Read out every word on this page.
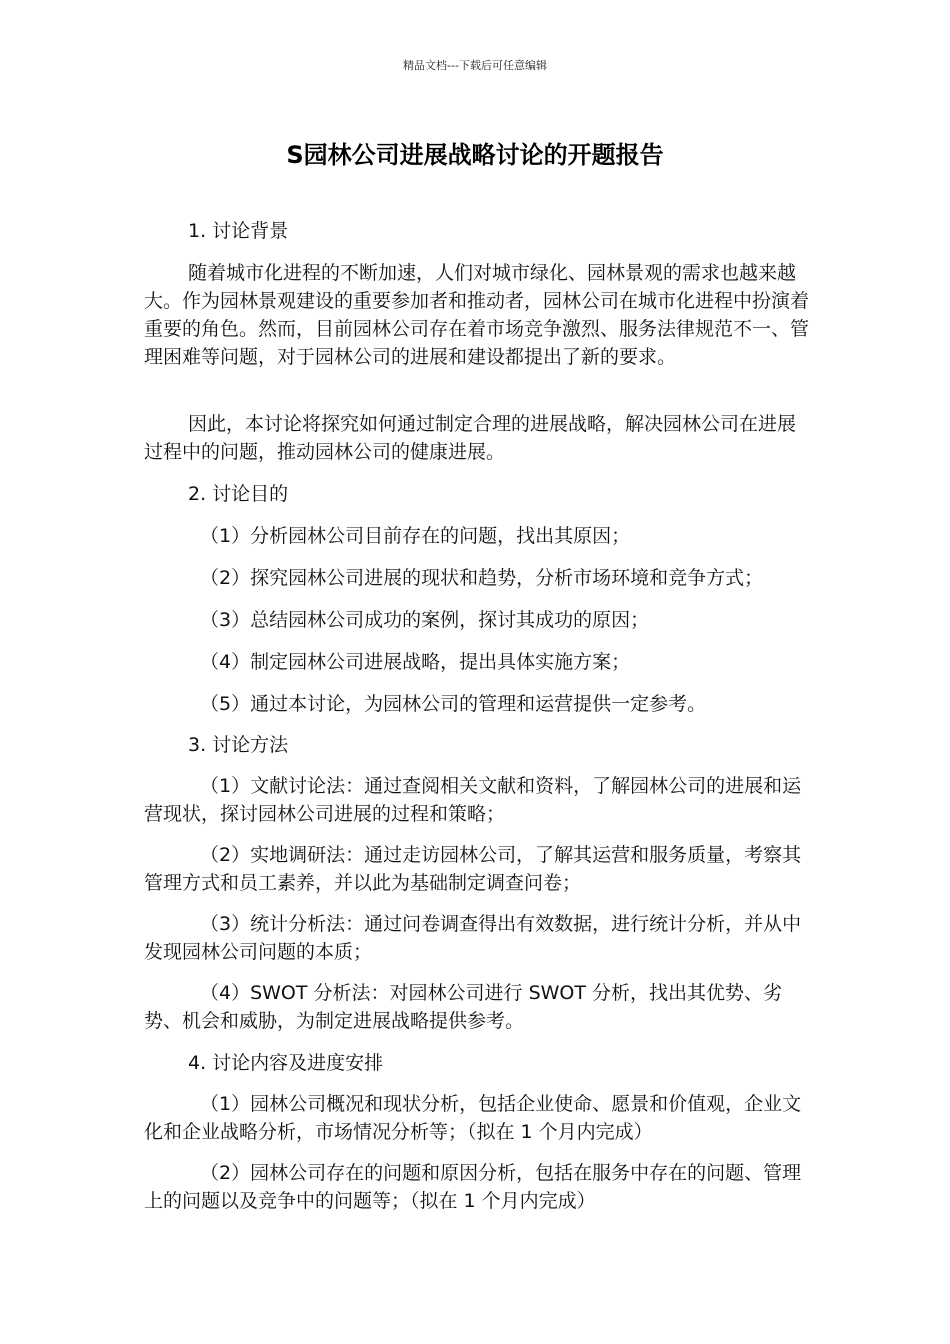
精品文档---下载后可任意编辑
S园林公司进展战略讨论的开题报告

1. 讨论背景

随着城市化进程的不断加速，人们对城市绿化、园林景观的需求也越来越大。作为园林景观建设的重要参加者和推动者，园林公司在城市化进程中扮演着重要的角色。然而，目前园林公司存在着市场竞争激烈、服务法律规范不一、管理困难等问题，对于园林公司的进展和建设都提出了新的要求。

因此，本讨论将探究如何通过制定合理的进展战略，解决园林公司在进展过程中的问题，推动园林公司的健康进展。

2. 讨论目的

（1）分析园林公司目前存在的问题，找出其原因；

（2）探究园林公司进展的现状和趋势，分析市场环境和竞争方式；

（3）总结园林公司成功的案例，探讨其成功的原因；

（4）制定园林公司进展战略，提出具体实施方案；

（5）通过本讨论，为园林公司的管理和运营提供一定参考。

3. 讨论方法

（1）文献讨论法：通过查阅相关文献和资料，了解园林公司的进展和运营现状，探讨园林公司进展的过程和策略；

（2）实地调研法：通过走访园林公司，了解其运营和服务质量，考察其管理方式和员工素养，并以此为基础制定调查问卷；

（3）统计分析法：通过问卷调查得出有效数据，进行统计分析，并从中发现园林公司问题的本质；

（4）SWOT 分析法：对园林公司进行 SWOT 分析，找出其优势、劣势、机会和威胁，为制定进展战略提供参考。

4. 讨论内容及进度安排

（1）园林公司概况和现状分析，包括企业使命、愿景和价值观，企业文化和企业战略分析，市场情况分析等；（拟在 1 个月内完成）

（2）园林公司存在的问题和原因分析，包括在服务中存在的问题、管理上的问题以及竞争中的问题等；（拟在 1 个月内完成）
